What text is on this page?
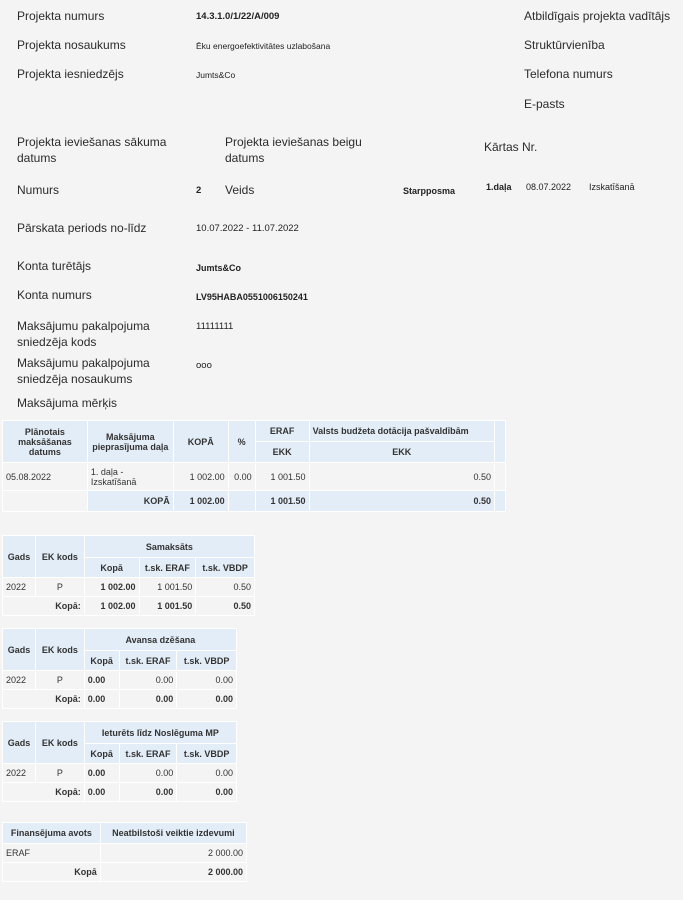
Projekta numurs	14.3.1.0/1/22/A/009	Atbildīgais projekta vadītājs
Projekta nosaukums	Ēku energoefektivitātes uzlabošana	Struktūrvienība
Projekta iesniedzējs	Jumts&Co	Telefona numurs
E-pasts
Projekta ieviešanas sākuma
datums
Projekta ieviešanas beigu
datums
Kārtas Nr.
Numurs	2 Veids	Starpposma	1.daļa 08.07.2022 Izskatīšanā
Pārskata periods no-līdz	10.07.2022 - 11.07.2022
Konta turētājs	Jumts&Co
Konta numurs	LV95HABA0551006150241
Maksājumu pakalpojuma
sniedzēja kods
11111111
Maksājumu pakalpojuma
sniedzēja nosaukums
ooo
Maksājuma mērķis
Plānotais maksāšanas datums	Maksājuma pieprasījuma daļa	KOPĀ	%	ERAF	Valsts budžeta dotācija pašvaldībām	
				EKK	EKK	
05.08.2022	1. daļa - Izskatīšanā	1 002.00	0.00	1 001.50	0.50	
	KOPĀ	1 002.00		1 001.50	0.50	
Gads	EK kods	Samaksāts		
		Kopā	t.sk. ERAF	t.sk. VBDP
2022	P	1 002.00	1 001.50	0.50
Kopā:		1 002.00	1 001.50	0.50
Gads	EK kods	Avansa dzēšana		
		Kopā	t.sk. ERAF	t.sk. VBDP
2022	P	0.00	0.00	0.00
Kopā:		0.00	0.00	0.00
Gads	EK kods	Ieturēts līdz Noslēguma MP		
		Kopā	t.sk. ERAF	t.sk. VBDP
2022	P	0.00	0.00	0.00
Kopā:		0.00	0.00	0.00
Finansējuma avots	Neatbilstoši veiktie izdevumi
ERAF	2 000.00
Kopā	2 000.00
